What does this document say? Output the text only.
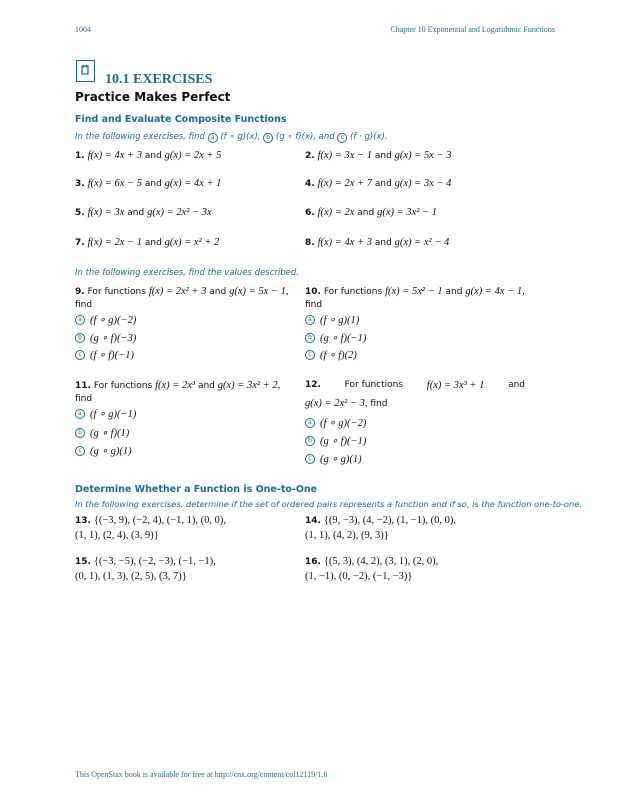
1004	Chapter 10 Exponential and Logarithmic Functions
10.1 EXERCISES
Practice Makes Perfect
Find and Evaluate Composite Functions
In the following exercises, find a (f ∘ g)(x), b (g ∘ f)(x), and c (f · g)(x).
1. f(x) = 4x + 3 and g(x) = 2x + 5	2. f(x) = 3x − 1 and g(x) = 5x − 3
3. f(x) = 6x − 5 and g(x) = 4x + 1	4. f(x) = 2x + 7 and g(x) = 3x − 4
5. f(x) = 3x and g(x) = 2x² − 3x	6. f(x) = 2x and g(x) = 3x² − 1
7. f(x) = 2x − 1 and g(x) = x² + 2	8. f(x) = 4x + 3 and g(x) = x² − 4
In the following exercises, find the values described.
9. For functions f(x) = 2x² + 3 and g(x) = 5x − 1,
find
a (f ∘ g)(−2)
b (g ∘ f)(−3)
c (f ∘ f)(−1)
10. For functions f(x) = 5x² − 1 and g(x) = 4x − 1,
find
a (f ∘ g)(1)
b (g ∘ f)(−1)
c (f ∘ f)(2)
11. For functions f(x) = 2x³ and g(x) = 3x² + 2,
find
a (f ∘ g)(−1)
b (g ∘ f)(1)
c (g ∘ g)(1)
12.	For functions f(x) = 3x³ + 1	and
g(x) = 2x² − 3, find
a (f ∘ g)(−2)
b (g ∘ f)(−1)
c (g ∘ g)(1)
Determine Whether a Function is One-to-One
In the following exercises, determine if the set of ordered pairs represents a function and if so, is the function one-to-one.
13. {(−3, 9), (−2, 4), (−1, 1), (0, 0),
(1, 1), (2, 4), (3, 9)}
14. {(9, −3), (4, −2), (1, −1), (0, 0),
(1, 1), (4, 2), (9, 3)}
15. {(−3, −5), (−2, −3), (−1, −1),
(0, 1), (1, 3), (2, 5), (3, 7)}
16. {(5, 3), (4, 2), (3, 1), (2, 0),
(1, −1), (0, −2), (−1, −3)}
This OpenStax book is available for free at http://cnx.org/content/col12119/1.6
